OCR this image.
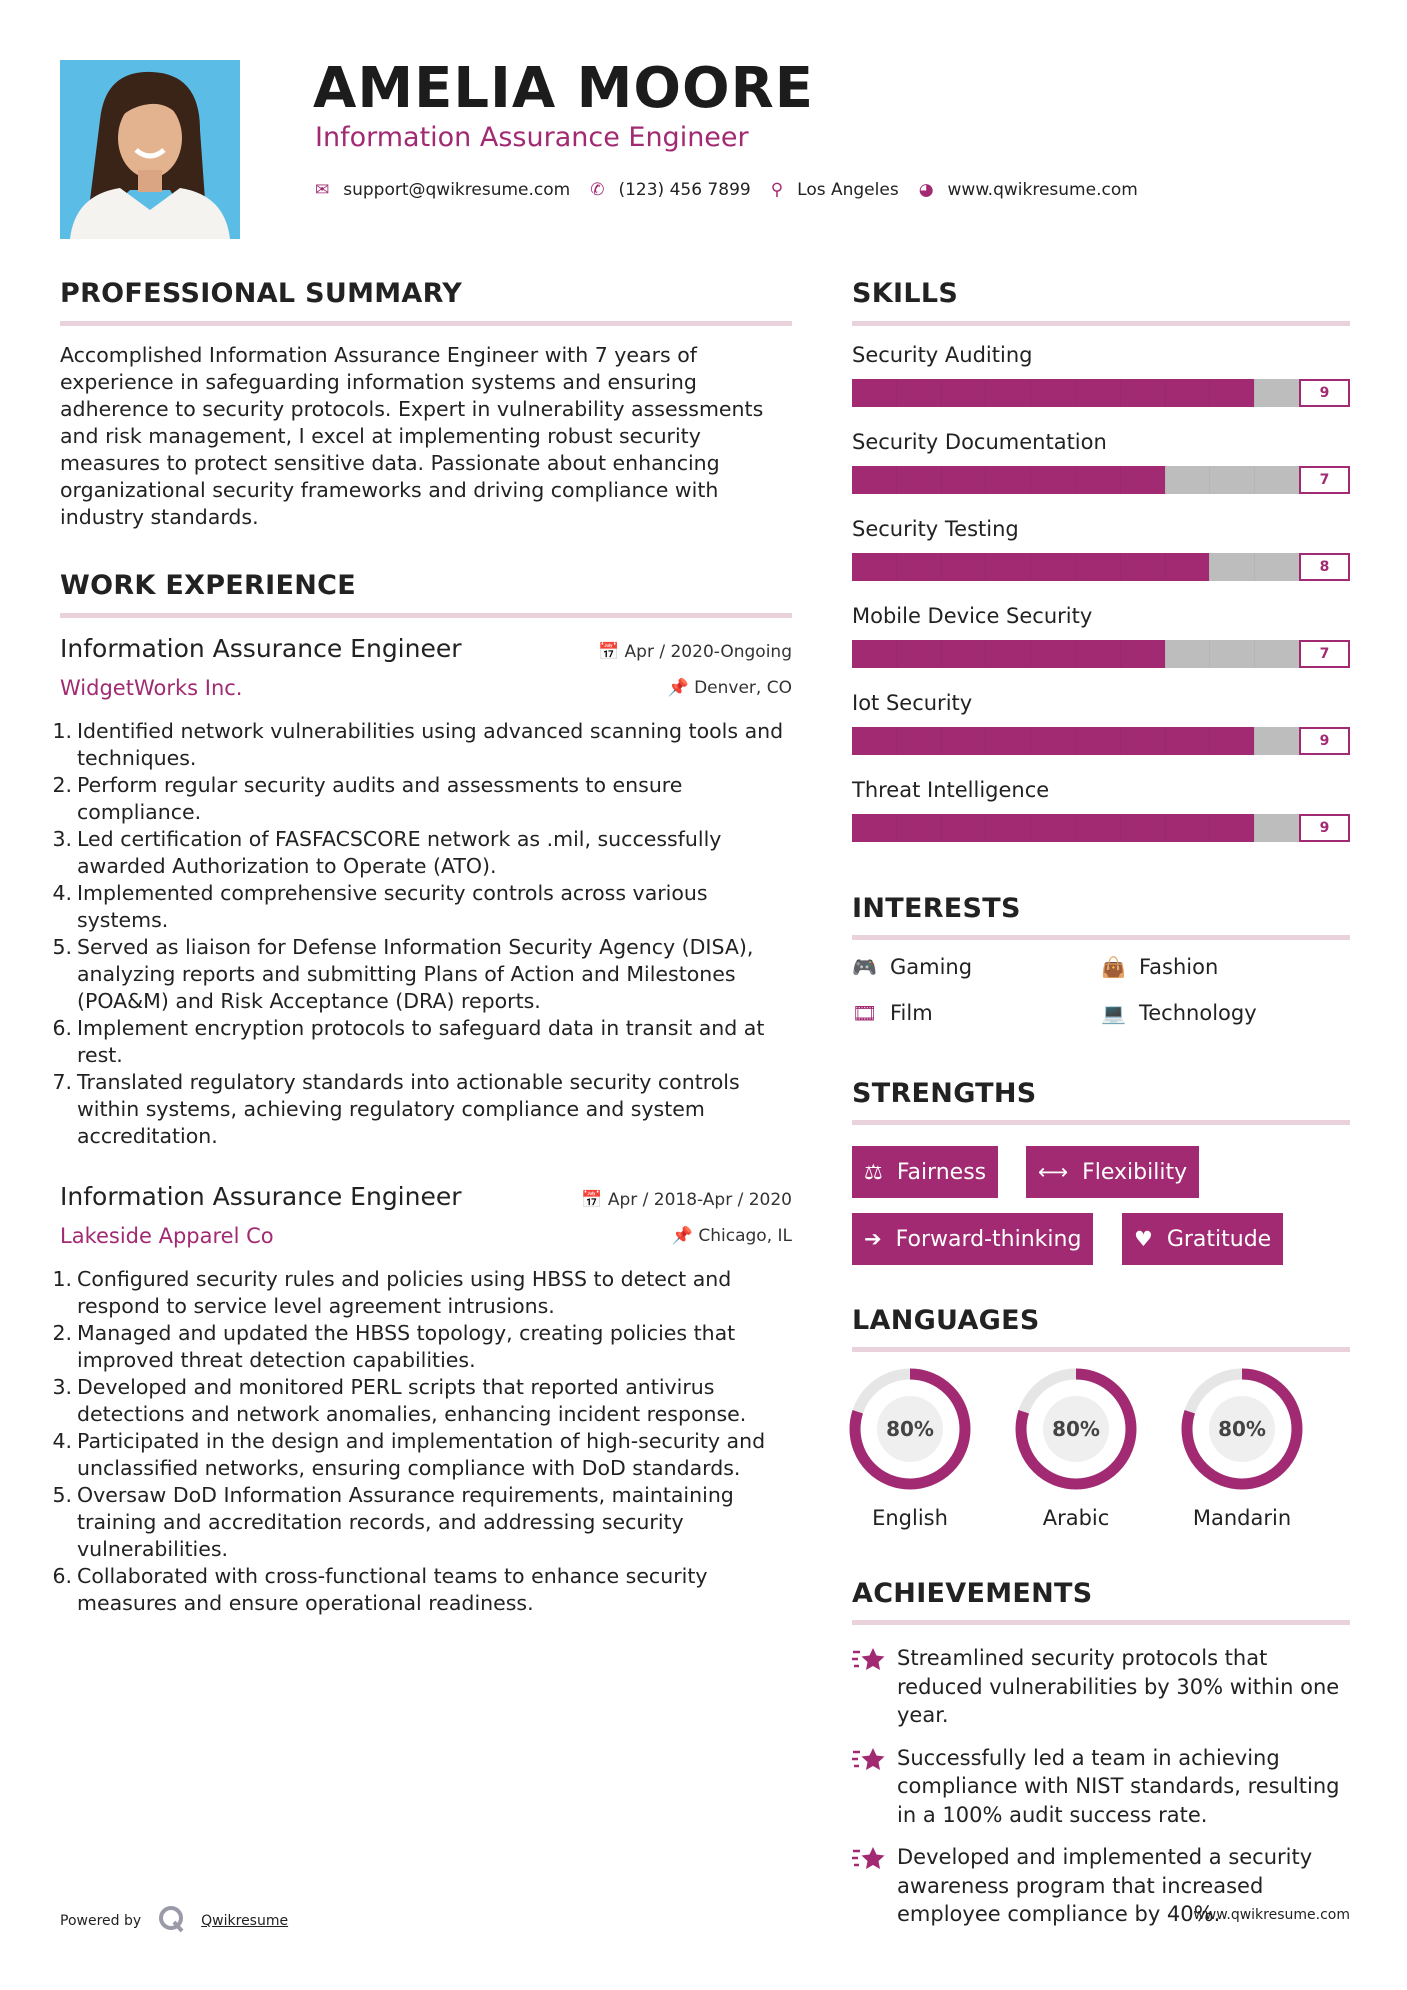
AMELIA MOORE
Information Assurance Engineer
✉ support@qwikresume.com ✆ (123) 456 7899 ⚲ Los Angeles ◕ www.qwikresume.com
PROFESSIONAL SUMMARY
Accomplished Information Assurance Engineer with 7 years of experience in safeguarding information systems and ensuring adherence to security protocols. Expert in vulnerability assessments and risk management, I excel at implementing robust security measures to protect sensitive data. Passionate about enhancing organizational security frameworks and driving compliance with industry standards.
WORK EXPERIENCE
Information Assurance Engineer	📅 Apr / 2020-Ongoing
WidgetWorks Inc.	📌 Denver, CO
1. Identified network vulnerabilities using advanced scanning tools and techniques.
2. Perform regular security audits and assessments to ensure compliance.
3. Led certification of FASFACSCORE network as .mil, successfully awarded Authorization to Operate (ATO).
4. Implemented comprehensive security controls across various systems.
5. Served as liaison for Defense Information Security Agency (DISA), analyzing reports and submitting Plans of Action and Milestones (POA&M) and Risk Acceptance (DRA) reports.
6. Implement encryption protocols to safeguard data in transit and at rest.
7. Translated regulatory standards into actionable security controls within systems, achieving regulatory compliance and system accreditation.
Information Assurance Engineer	📅 Apr / 2018-Apr / 2020
Lakeside Apparel Co	📌 Chicago, IL
1. Configured security rules and policies using HBSS to detect and respond to service level agreement intrusions.
2. Managed and updated the HBSS topology, creating policies that improved threat detection capabilities.
3. Developed and monitored PERL scripts that reported antivirus detections and network anomalies, enhancing incident response.
4. Participated in the design and implementation of high-security and unclassified networks, ensuring compliance with DoD standards.
5. Oversaw DoD Information Assurance requirements, maintaining training and accreditation records, and addressing security vulnerabilities.
6. Collaborated with cross-functional teams to enhance security measures and ensure operational readiness.
SKILLS
Security Auditing
9
Security Documentation
7
Security Testing
8
Mobile Device Security
7
Iot Security
9
Threat Intelligence
9
INTERESTS
🎮 Gaming	👜 Fashion
🎞 Film	💻 Technology
STRENGTHS
⚖ Fairness ⟷ Flexibility
➔ Forward-thinking	♥ Gratitude
LANGUAGES
80%
English
80%
Arabic
80%
Mandarin
ACHIEVEMENTS
Streamlined security protocols that reduced vulnerabilities by 30% within one year.
Successfully led a team in achieving compliance with NIST standards, resulting in a 100% audit success rate.
Developed and implemented a security awareness program that increased employee compliance by 40%.
Powered by	Qwikresume	www.qwikresume.com
